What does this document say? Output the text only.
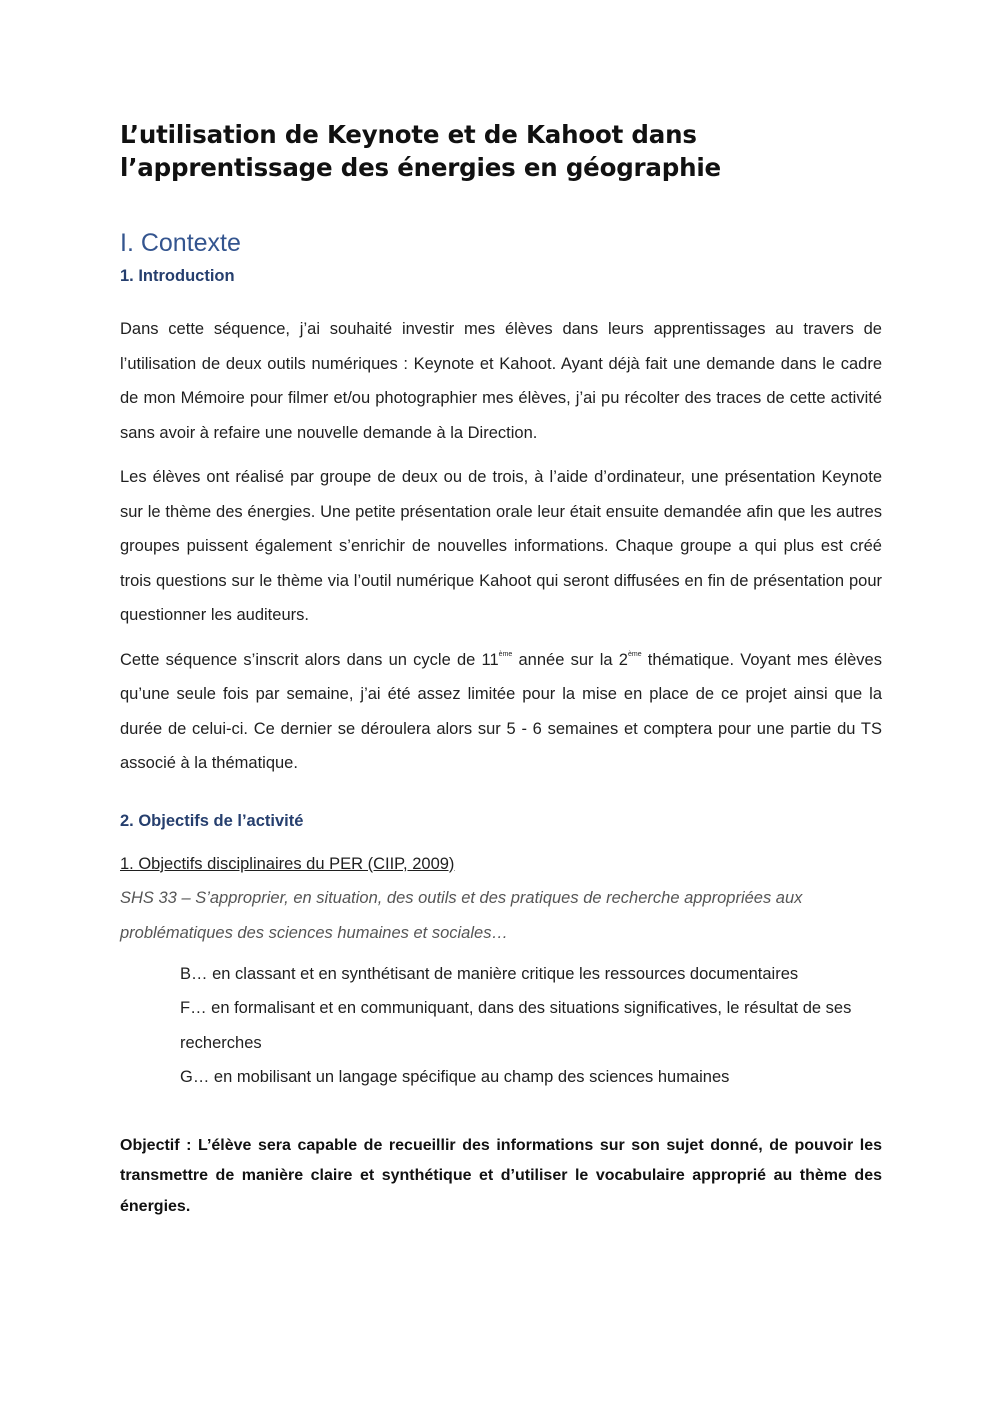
L’utilisation de Keynote et de Kahoot dans l’apprentissage des énergies en géographie
I. Contexte
1. Introduction

Dans cette séquence, j’ai souhaité investir mes élèves dans leurs apprentissages au travers de l’utilisation de deux outils numériques : Keynote et Kahoot. Ayant déjà fait une demande dans le cadre de mon Mémoire pour filmer et/ou photographier mes élèves, j’ai pu récolter des traces de cette activité sans avoir à refaire une nouvelle demande à la Direction.

Les élèves ont réalisé par groupe de deux ou de trois, à l’aide d’ordinateur, une présentation Keynote sur le thème des énergies. Une petite présentation orale leur était ensuite demandée afin que les autres groupes puissent également s’enrichir de nouvelles informations. Chaque groupe a qui plus est créé trois questions sur le thème via l’outil numérique Kahoot qui seront diffusées en fin de présentation pour questionner les auditeurs.

Cette séquence s’inscrit alors dans un cycle de 11ème année sur la 2ème thématique. Voyant mes élèves qu’une seule fois par semaine, j’ai été assez limitée pour la mise en place de ce projet ainsi que la durée de celui-ci. Ce dernier se déroulera alors sur 5 - 6 semaines et comptera pour une partie du TS associé à la thématique.

2. Objectifs de l’activité

1. Objectifs disciplinaires du PER (CIIP, 2009)

SHS 33 – S’approprier, en situation, des outils et des pratiques de recherche appropriées aux problématiques des sciences humaines et sociales…

B… en classant et en synthétisant de manière critique les ressources documentaires
F… en formalisant et en communiquant, dans des situations significatives, le résultat de ses recherches
G… en mobilisant un langage spécifique au champ des sciences humaines

Objectif : L’élève sera capable de recueillir des informations sur son sujet donné, de pouvoir les transmettre de manière claire et synthétique et d’utiliser le vocabulaire approprié au thème des énergies.
